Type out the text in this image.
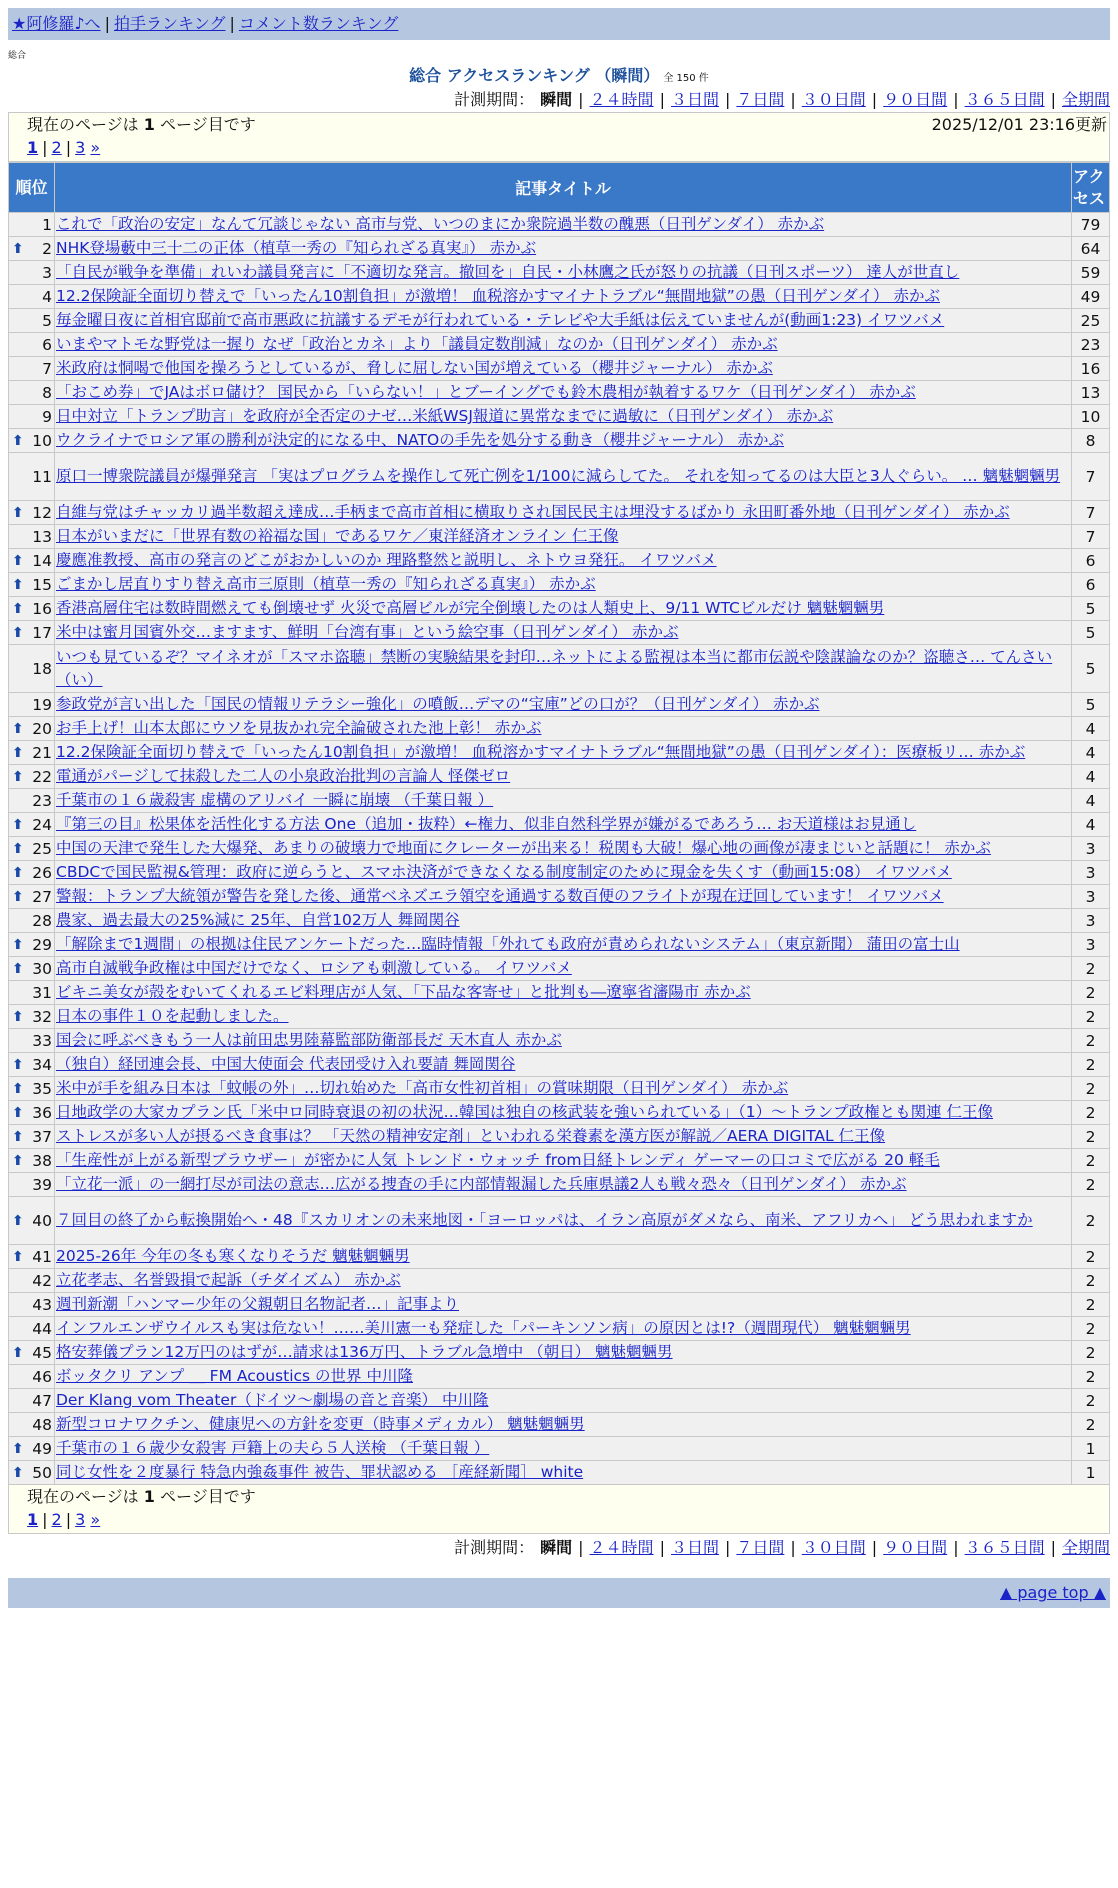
★阿修羅♪へ | 拍手ランキング | コメント数ランキング
総合
総合 アクセスランキング （瞬間） 全 150 件
計測期間： 瞬間 | ２４時間 | ３日間 | ７日間 | ３０日間 | ９０日間 | ３６５日間 | 全期間
現在のページは 1 ページ目です	2025/12/01 23:16更新
1 | 2 | 3 »
順位	記事タイトル	アクセス
1	これで「政治の安定」なんて冗談じゃない 高市与党、いつのまにか衆院過半数の醜悪（日刊ゲンダイ） 赤かぶ	79

⬆ 2	NHK登場藪中三十二の正体（植草一秀の『知られざる真実』） 赤かぶ	64
3	「自民が戦争を準備」れいわ議員発言に「不適切な発言。撤回を」自民・小林鷹之氏が怒りの抗議（日刊スポーツ） 達人が世直し	59
4	12.2保険証全面切り替えで「いったん10割負担」が激増！ 血税溶かすマイナトラブル“無間地獄”の愚（日刊ゲンダイ） 赤かぶ	49
5	毎金曜日夜に首相官邸前で高市悪政に抗議するデモが行われている・テレビや大手紙は伝えていませんが(動画1:23) イワツバメ	25
6	いまやマトモな野党は一握り なぜ「政治とカネ」より「議員定数削減」なのか（日刊ゲンダイ） 赤かぶ	23
7	米政府は恫喝で他国を操ろうとしているが、脅しに屈しない国が増えている（櫻井ジャーナル） 赤かぶ	16
8	「おこめ券」でJAはボロ儲け？ 国民から「いらない！」とブーイングでも鈴木農相が執着するワケ（日刊ゲンダイ） 赤かぶ	13
9	日中対立「トランプ助言」を政府が全否定のナゼ…米紙WSJ報道に異常なまでに過敏に（日刊ゲンダイ） 赤かぶ	10

⬆ 10	ウクライナでロシア軍の勝利が決定的になる中、NATOの手先を処分する動き（櫻井ジャーナル） 赤かぶ	8
11	原口一博衆院議員が爆弾発言 「実はプログラムを操作して死亡例を1/100に減らしてた。 それを知ってるのは大臣と3人ぐらい。 … 魑魅魍魎男	7

⬆ 12	自維与党はチャッカリ過半数超え達成…手柄まで高市首相に横取りされ国民民主は埋没するばかり 永田町番外地（日刊ゲンダイ） 赤かぶ	7
13	日本がいまだに「世界有数の裕福な国」であるワケ／東洋経済オンライン 仁王像	7

⬆ 14	慶應准教授、高市の発言のどこがおかしいのか 理路整然と説明し、ネトウヨ発狂。 イワツバメ	6

⬆ 15	ごまかし居直りすり替え高市三原則（植草一秀の『知られざる真実』） 赤かぶ	6

⬆ 16	香港高層住宅は数時間燃えても倒壊せず 火災で高層ビルが完全倒壊したのは人類史上、9/11 WTCビルだけ 魑魅魍魎男	5

⬆ 17	米中は蜜月国賓外交…ますます、鮮明「台湾有事」という絵空事（日刊ゲンダイ） 赤かぶ	5
18	いつも見ているぞ？マイネオが「スマホ盗聴」禁断の実験結果を封印…ネットによる監視は本当に都市伝説や陰謀論なのか？盗聴さ… てんさい（い）	5
19	参政党が言い出した「国民の情報リテラシー強化」の噴飯…デマの“宝庫”どの口が？（日刊ゲンダイ） 赤かぶ	5

⬆ 20	お手上げ！山本太郎にウソを見抜かれ完全論破された池上彰！ 赤かぶ	4

⬆ 21	12.2保険証全面切り替えで「いったん10割負担」が激増！ 血税溶かすマイナトラブル“無間地獄”の愚（日刊ゲンダイ）：医療板リ… 赤かぶ	4

⬆ 22	電通がパージして抹殺した二人の小泉政治批判の言論人 怪傑ゼロ	4
23	千葉市の１６歳殺害 虚構のアリバイ 一瞬に崩壊 （千葉日報 ）	4

⬆ 24	『第三の目』松果体を活性化する方法 One（追加・抜粋）←権力、似非自然科学界が嫌がるであろう… お天道様はお見通し	4

⬆ 25	中国の天津で発生した大爆発、あまりの破壊力で地面にクレーターが出来る！税関も大破！爆心地の画像が凄まじいと話題に！ 赤かぶ	3

⬆ 26	CBDCで国民監視&管理：政府に逆らうと、スマホ決済ができなくなる制度制定のために現金を失くす（動画15:08） イワツバメ	3

⬆ 27	警報：トランプ大統領が警告を発した後、通常ベネズエラ領空を通過する数百便のフライトが現在迂回しています！ イワツバメ	3
28	農家、過去最大の25%減に 25年、自営102万人 舞岡関谷	3

⬆ 29	「解除まで1週間」の根拠は住民アンケートだった…臨時情報「外れても政府が責められないシステム」（東京新聞） 蒲田の富士山	3

⬆ 30	高市自滅戦争政権は中国だけでなく、ロシアも刺激している。 イワツバメ	2
31	ビキニ美女が殻をむいてくれるエビ料理店が人気、「下品な客寄せ」と批判も―遼寧省瀋陽市 赤かぶ	2

⬆ 32	日本の事件１０を起動しました。	2
33	国会に呼ぶべきもう一人は前田忠男陸幕監部防衛部長だ 天木直人 赤かぶ	2

⬆ 34	（独自）経団連会長、中国大使面会 代表団受け入れ要請 舞岡関谷	2

⬆ 35	米中が手を組み日本は「蚊帳の外」…切れ始めた「高市女性初首相」の賞味期限（日刊ゲンダイ） 赤かぶ	2

⬆ 36	日地政学の大家カプラン氏「米中ロ同時衰退の初の状況…韓国は独自の核武装を強いられている」（1）～トランプ政権とも関連 仁王像	2

⬆ 37	ストレスが多い人が摂るべき食事は？ 「天然の精神安定剤」といわれる栄養素を漢方医が解説／AERA DIGITAL 仁王像	2

⬆ 38	「生産性が上がる新型ブラウザー」が密かに人気 トレンド・ウォッチ from日経トレンディ ゲーマーの口コミで広がる 20 軽毛	2
39	「立花一派」の一網打尽が司法の意志…広がる捜査の手に内部情報漏した兵庫県議2人も戦々恐々（日刊ゲンダイ） 赤かぶ	2

⬆ 40	７回目の終了から転換開始へ・48『スカリオンの未来地図・「ヨーロッパは、イラン高原がダメなら、南米、アフリカへ」 どう思われますか	2

⬆ 41	2025-26年 今年の冬も寒くなりそうだ 魑魅魍魎男	2
42	立花孝志、名誉毀損で起訴（チダイズム） 赤かぶ	2
43	週刊新潮「ハンマー少年の父親朝日名物記者…」記事より	2
44	インフルエンザウイルスも実は危ない！……美川憲一も発症した「パーキンソン病」の原因とは!?（週間現代） 魑魅魍魎男	2

⬆ 45	格安葬儀プラン12万円のはずが…請求は136万円、トラブル急増中 （朝日） 魑魅魍魎男	2
46	ボッタクリ アンプ ＿ FM Acoustics の世界 中川隆	2
47	Der Klang vom Theater（ドイツ～劇場の音と音楽） 中川隆	2
48	新型コロナワクチン、健康児への方針を変更（時事メディカル） 魑魅魍魎男	2

⬆ 49	千葉市の１６歳少女殺害 戸籍上の夫ら５人送検 （千葉日報 ）	1

⬆ 50	同じ女性を２度暴行 特急内強姦事件 被告、罪状認める ［産経新聞］ white	1
現在のページは 1 ページ目です
1 | 2 | 3 »
計測期間： 瞬間 | ２４時間 | ３日間 | ７日間 | ３０日間 | ９０日間 | ３６５日間 | 全期間
▲ page top ▲
